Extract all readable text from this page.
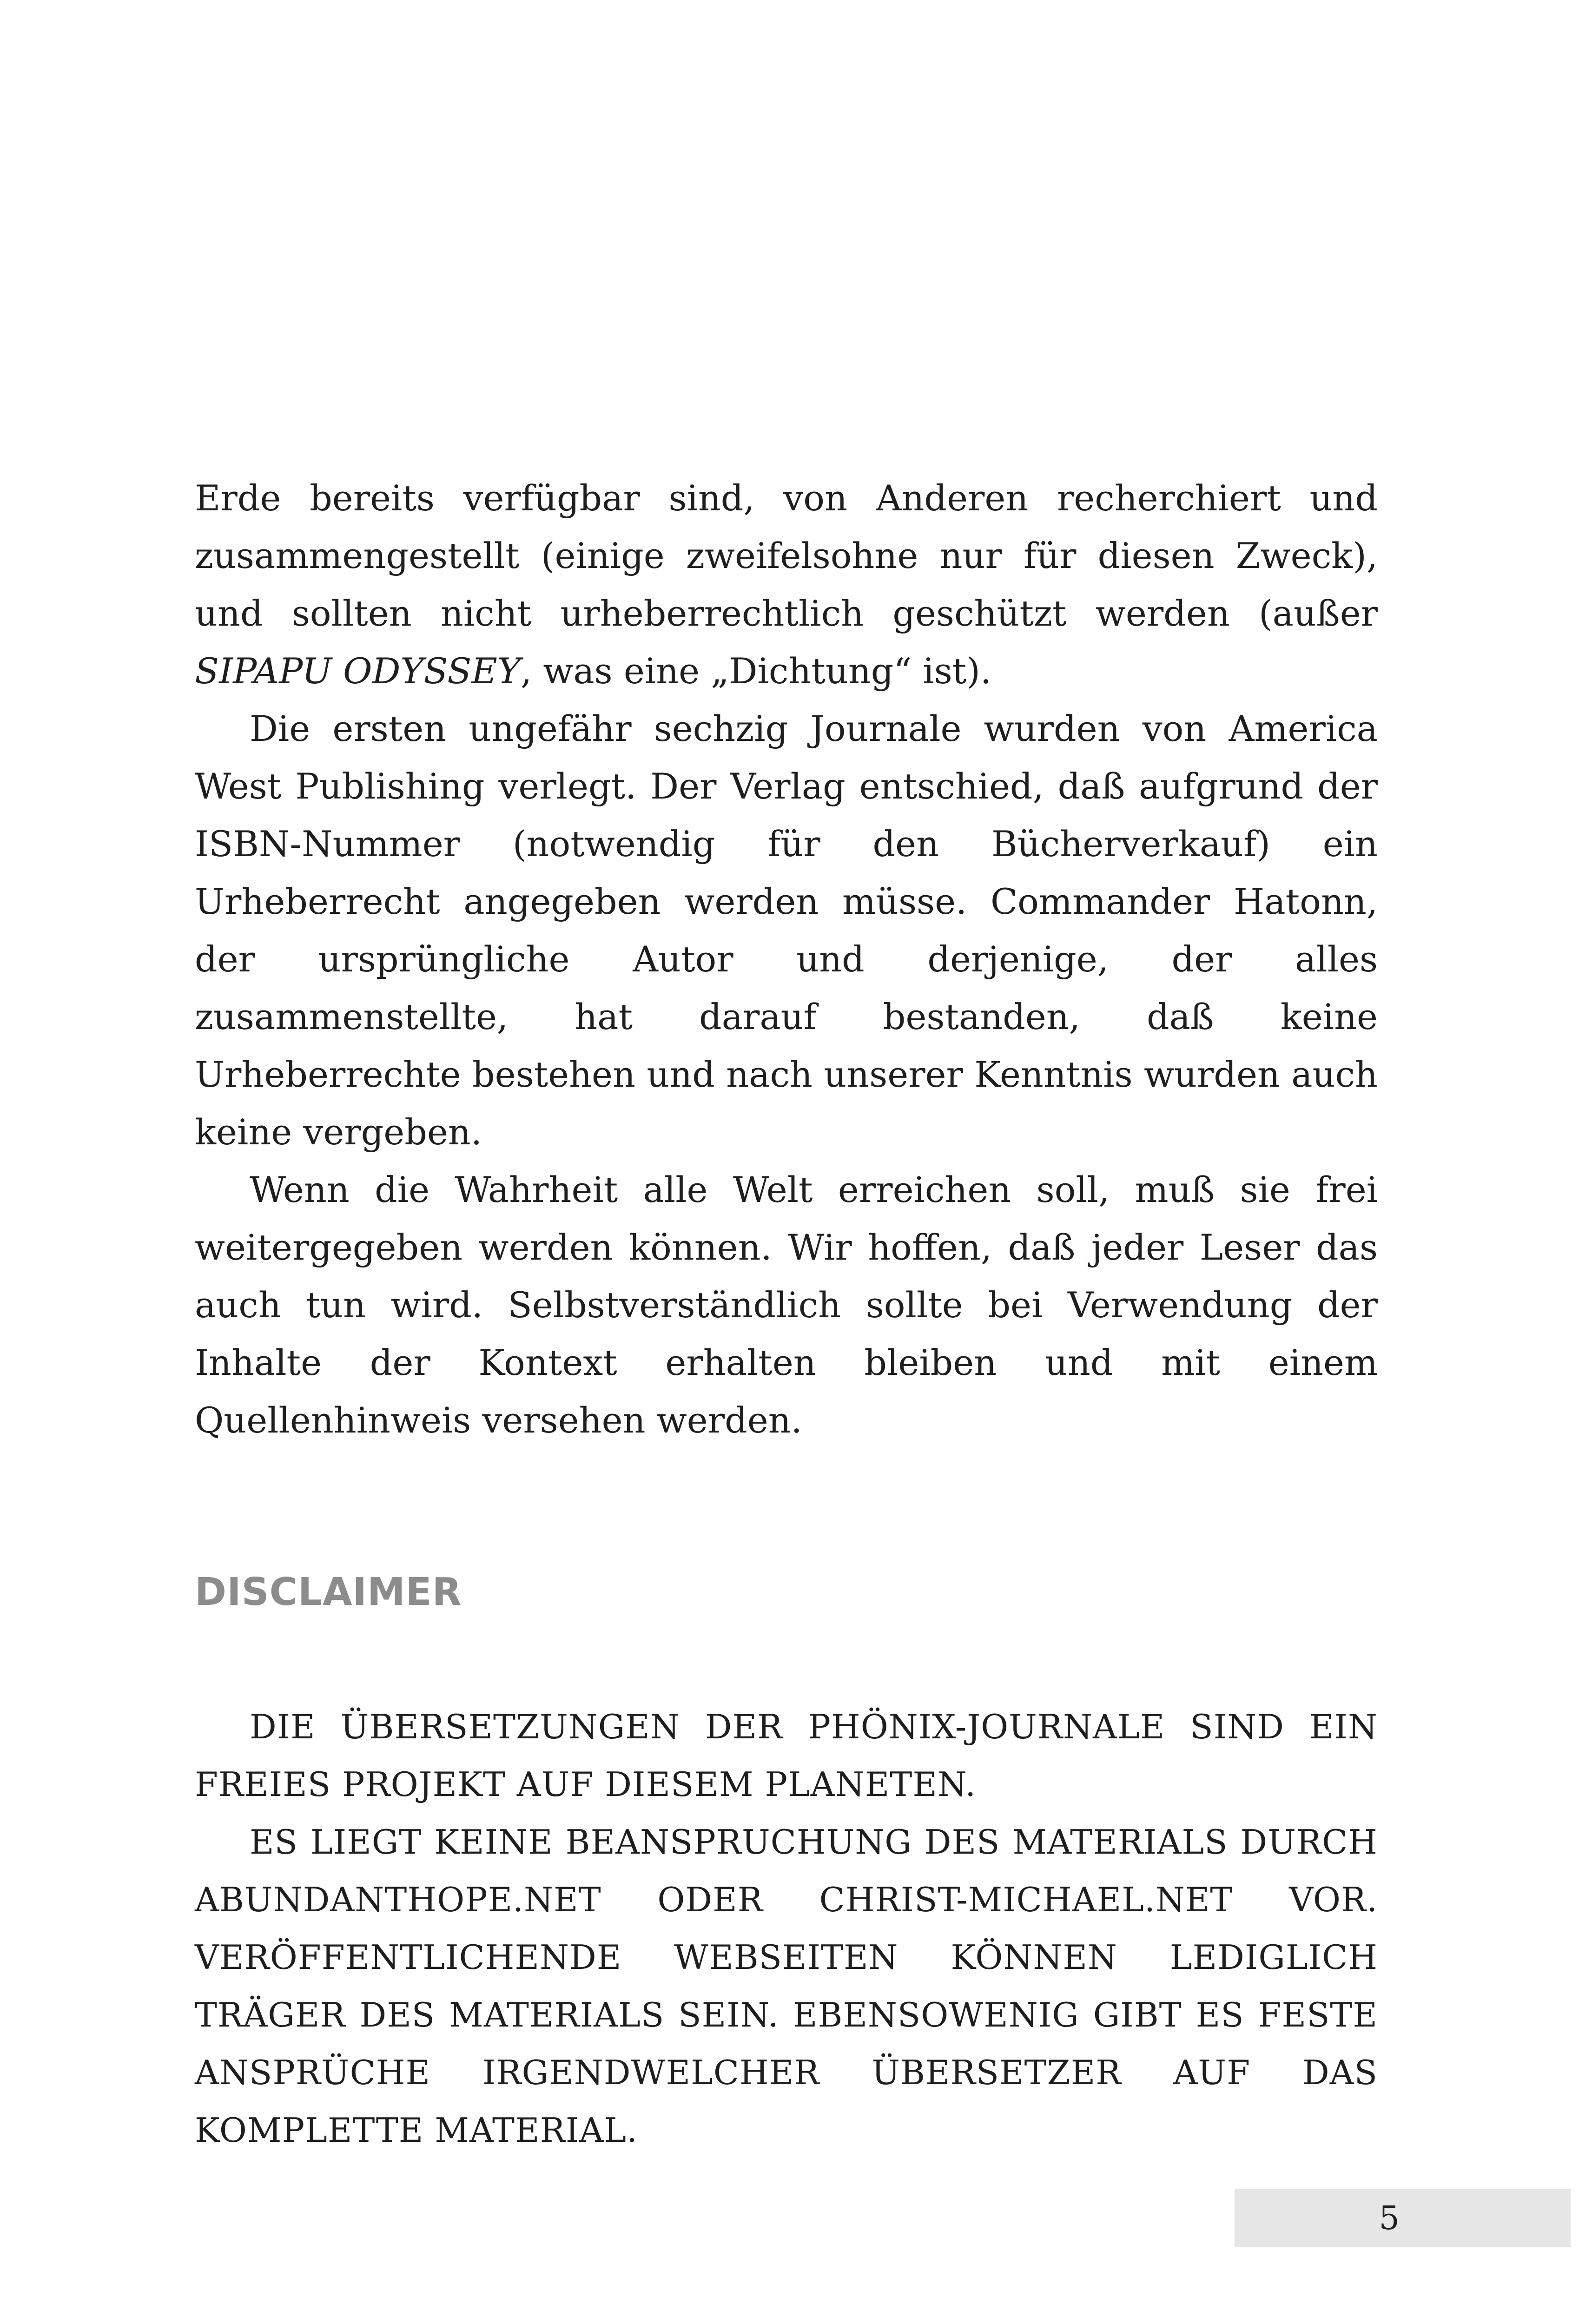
Erde bereits verfügbar sind, von Anderen recherchiert und zusammengestellt (einige zweifelsohne nur für diesen Zweck), und sollten nicht urheberrechtlich geschützt werden (außer SIPAPU ODYSSEY, was eine „Dichtung“ ist).

Die ersten ungefähr sechzig Journale wurden von America West Publishing verlegt. Der Verlag entschied, daß aufgrund der ISBN-Nummer (notwendig für den Bücherverkauf) ein Urheberrecht angegeben werden müsse. Commander Hatonn, der ursprüngliche Autor und derjenige, der alles zusammenstellte, hat darauf bestanden, daß keine Urheberrechte bestehen und nach unserer Kenntnis wurden auch keine vergeben.

Wenn die Wahrheit alle Welt erreichen soll, muß sie frei weitergegeben werden können. Wir hoffen, daß jeder Leser das auch tun wird. Selbstverständlich sollte bei Verwendung der Inhalte der Kontext erhalten bleiben und mit einem Quellenhinweis versehen werden.

DISCLAIMER

DIE ÜBERSETZUNGEN DER PHÖNIX-JOURNALE SIND EIN FREIES PROJEKT AUF DIESEM PLANETEN.

ES LIEGT KEINE BEANSPRUCHUNG DES MATERIALS DURCH ABUNDANTHOPE.NET ODER CHRIST-MICHAEL.NET VOR. VERÖFFENTLICHENDE WEBSEITEN KÖNNEN LEDIGLICH TRÄGER DES MATERIALS SEIN. EBENSOWENIG GIBT ES FESTE ANSPRÜCHE IRGENDWELCHER ÜBERSETZER AUF DAS KOMPLETTE MATERIAL.

5
